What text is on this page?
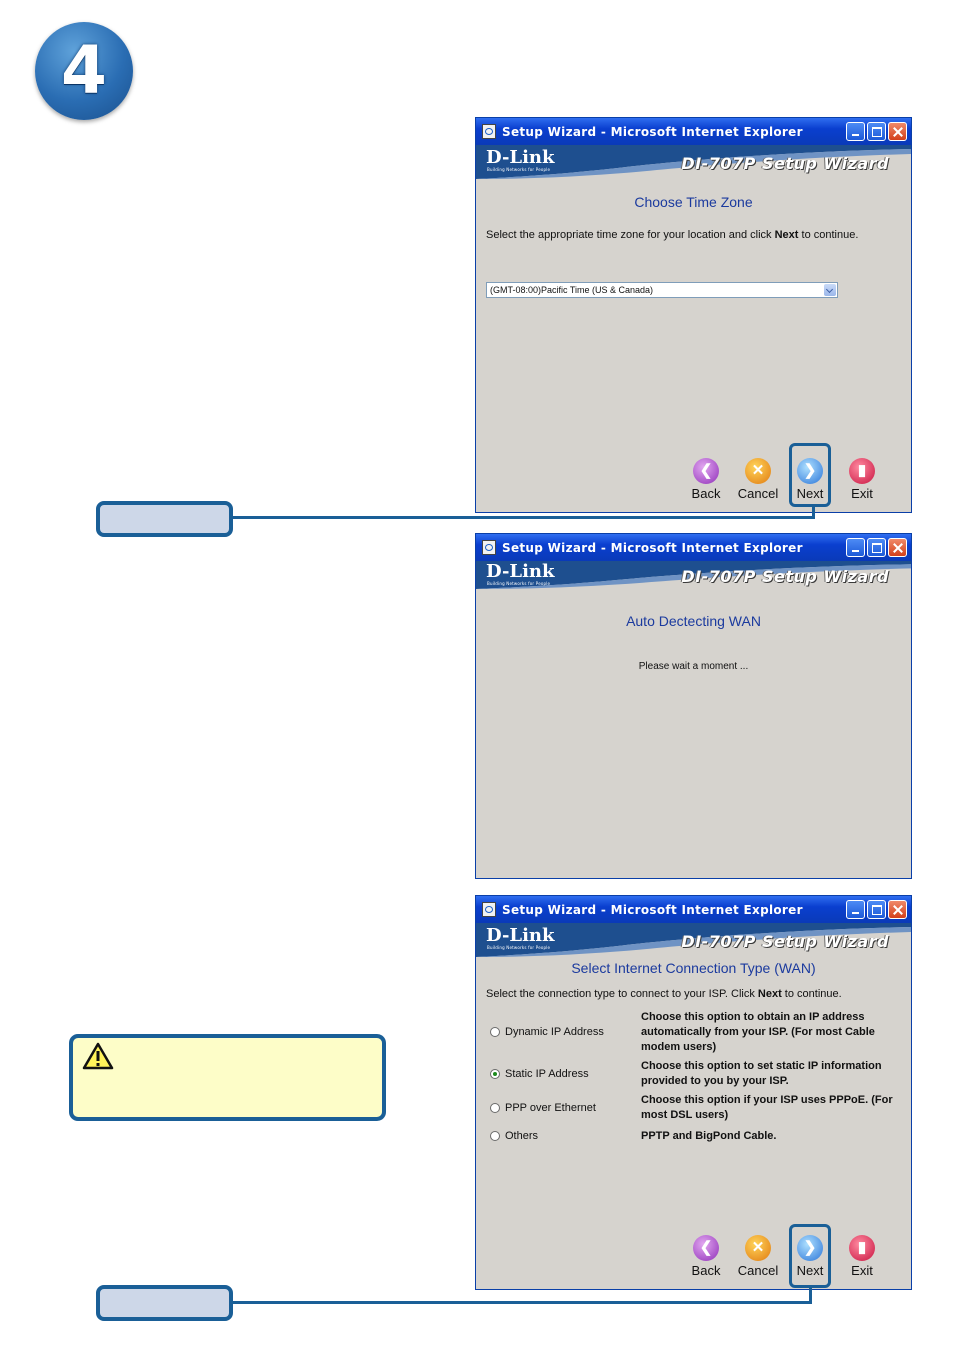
4
Setup Wizard - Microsoft Internet Explorer
D-Link
Building Networks for People	DI-707P Setup Wizard
Choose Time Zone
Select the appropriate time zone for your location and click Next to continue.
(GMT-08:00)Pacific Time (US & Canada)
❮
Back
✕
Cancel
❯
Next
▮
Exit
Setup Wizard - Microsoft Internet Explorer
D-Link
Building Networks for People	DI-707P Setup Wizard
Auto Dectecting WAN
Please wait a moment ...
Setup Wizard - Microsoft Internet Explorer
D-Link
Building Networks for People	DI-707P Setup Wizard
Select Internet Connection Type (WAN)
Select the connection type to connect to your ISP. Click Next to continue.
Dynamic IP Address
Choose this option to obtain an IP address automatically from your ISP. (For most Cable modem users)
Static IP Address
Choose this option to set static IP information provided to you by your ISP.
PPP over Ethernet
Choose this option if your ISP uses PPPoE. (For most DSL users)
Others	PPTP and BigPond Cable.
❮
Back
✕
Cancel
❯
Next
▮
Exit
